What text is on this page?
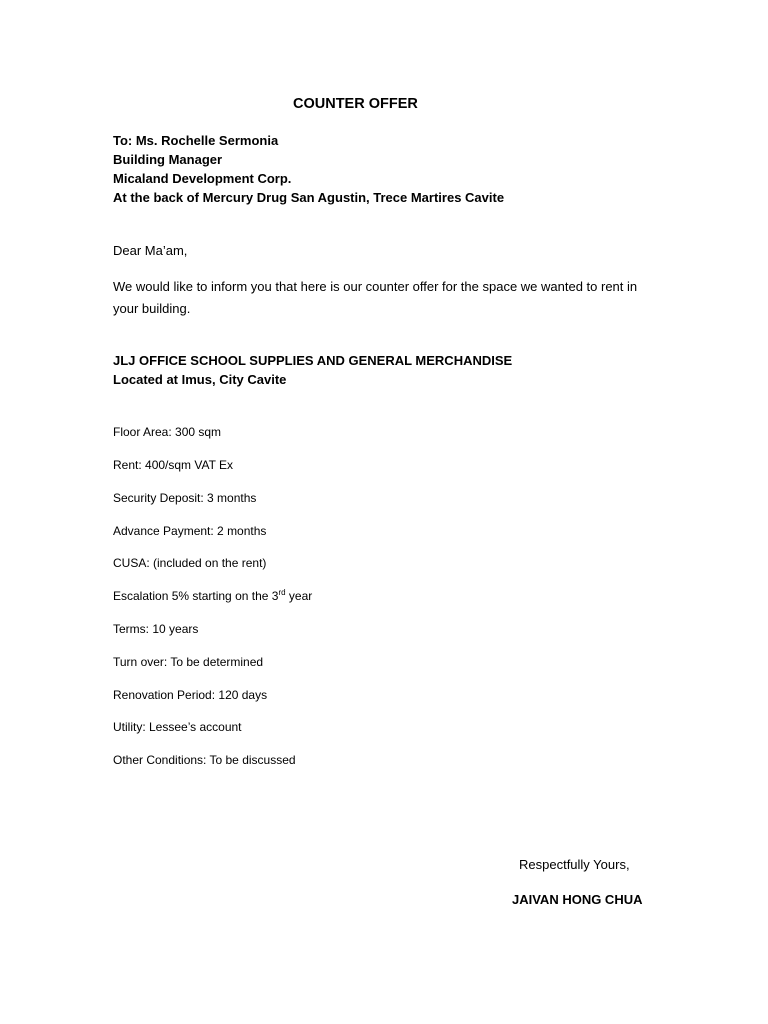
COUNTER OFFER

To: Ms. Rochelle Sermonia

Building Manager

Micaland Development Corp.

At the back of Mercury Drug San Agustin, Trece Martires Cavite

Dear Ma’am,

We would like to inform you that here is our counter offer for the space we wanted to rent in your building.

JLJ OFFICE SCHOOL SUPPLIES AND GENERAL MERCHANDISE

Located at Imus, City Cavite

Floor Area: 300 sqm

Rent: 400/sqm VAT Ex

Security Deposit: 3 months

Advance Payment: 2 months

CUSA: (included on the rent)

Escalation 5% starting on the 3rd year

Terms: 10 years

Turn over: To be determined

Renovation Period: 120 days

Utility: Lessee’s account

Other Conditions: To be discussed

Respectfully Yours,

JAIVAN HONG CHUA
